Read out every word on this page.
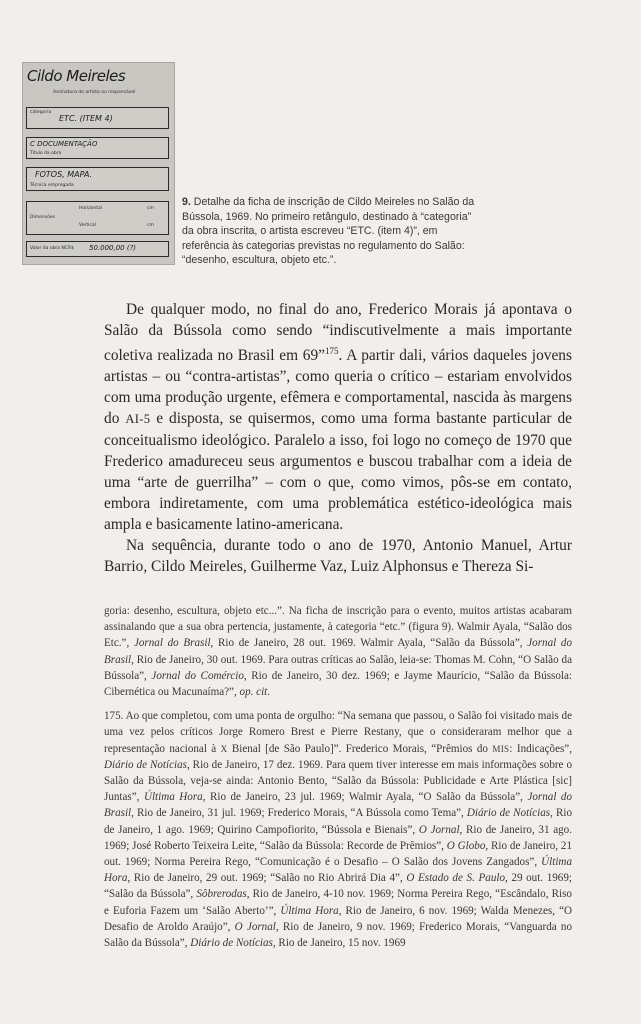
Cildo Meireles
Assinatura do artista ou responsável
categoria
ETC. (ITEM 4)
C DOCUMENTAÇÃO
Título da obra
FOTOS, MAPA.
Técnica empregada
Dimensões
Horizontal	cm
Vertical	cm
Valor da obra NCR$ 50.000,00 (?)
9. Detalhe da ficha de inscrição de Cildo Meireles no Salão da Bússola, 1969. No primeiro retângulo, destinado à “categoria” da obra inscrita, o artista escreveu “ETC. (item 4)”, em referência às categorias previstas no regulamento do Salão: “desenho, escultura, objeto etc.”.

De qualquer modo, no final do ano, Frederico Morais já apontava o Salão da Bússola como sendo “indiscutivelmente a mais importante coletiva realizada no Brasil em 69”$^{175}$. A partir dali, vários daqueles jovens artistas – ou “contra-artistas”, como queria o crítico – estariam envolvidos com uma produção urgente, efêmera e comportamental, nascida às margens do AI-5 e disposta, se quisermos, como uma forma bastante particular de conceitualismo ideológico. Paralelo a isso, foi logo no começo de 1970 que Frederico amadureceu seus argumentos e buscou trabalhar com a ideia de uma “arte de guerrilha” – com o que, como vimos, pôs-se em contato, embora indiretamente, com uma problemática estético-ideológica mais ampla e basicamente latino-americana.

Na sequência, durante todo o ano de 1970, Antonio Manuel, Artur Barrio, Cildo Meireles, Guilherme Vaz, Luiz Alphonsus e Thereza Si-

goria: desenho, escultura, objeto etc...”. Na ficha de inscrição para o evento, muitos artistas acabaram assinalando que a sua obra pertencia, justamente, à categoria “etc.” (figura 9). Walmir Ayala, “Salão dos Etc.”, Jornal do Brasil, Rio de Janeiro, 28 out. 1969. Walmir Ayala, “Salão da Bússola”, Jornal do Brasil, Rio de Janeiro, 30 out. 1969. Para outras críticas ao Salão, leia-se: Thomas M. Cohn, “O Salão da Bússola”, Jornal do Comércio, Rio de Janeiro, 30 dez. 1969; e Jayme Maurício, “Salão da Bússola: Cibernética ou Macunaíma?”, op. cit.

175. Ao que completou, com uma ponta de orgulho: “Na semana que passou, o Salão foi visitado mais de uma vez pelos críticos Jorge Romero Brest e Pierre Restany, que o consideraram melhor que a representação nacional à X Bienal [de São Paulo]”. Frederico Morais, “Prêmios do MIS: Indicações”, Diário de Notícias, Rio de Janeiro, 17 dez. 1969. Para quem tiver interesse em mais informações sobre o Salão da Bússola, veja-se ainda: Antonio Bento, “Salão da Bússola: Publicidade e Arte Plástica [sic] Juntas”, Última Hora, Rio de Janeiro, 23 jul. 1969; Walmir Ayala, “O Salão da Bússola”, Jornal do Brasil, Rio de Janeiro, 31 jul. 1969; Frederico Morais, “A Bússola como Tema”, Diário de Notícias, Rio de Janeiro, 1 ago. 1969; Quirino Campofiorito, “Bússola e Bienais”, O Jornal, Rio de Janeiro, 31 ago. 1969; José Roberto Teixeira Leite, “Salão da Bússola: Recorde de Prêmios”, O Globo, Rio de Janeiro, 21 out. 1969; Norma Pereira Rego, “Comunicação é o Desafio – O Salão dos Jovens Zangados”, Última Hora, Rio de Janeiro, 29 out. 1969; “Salão no Rio Abrirá Dia 4”, O Estado de S. Paulo, 29 out. 1969; “Salão da Bússola”, Sôbrerodas, Rio de Janeiro, 4-10 nov. 1969; Norma Pereira Rego, “Escândalo, Riso e Euforia Fazem um ‘Salão Aberto’”, Última Hora, Rio de Janeiro, 6 nov. 1969; Walda Menezes, “O Desafio de Aroldo Araújo”, O Jornal, Rio de Janeiro, 9 nov. 1969; Frederico Morais, “Vanguarda no Salão da Bússola”, Diário de Notícias, Rio de Janeiro, 15 nov. 1969
